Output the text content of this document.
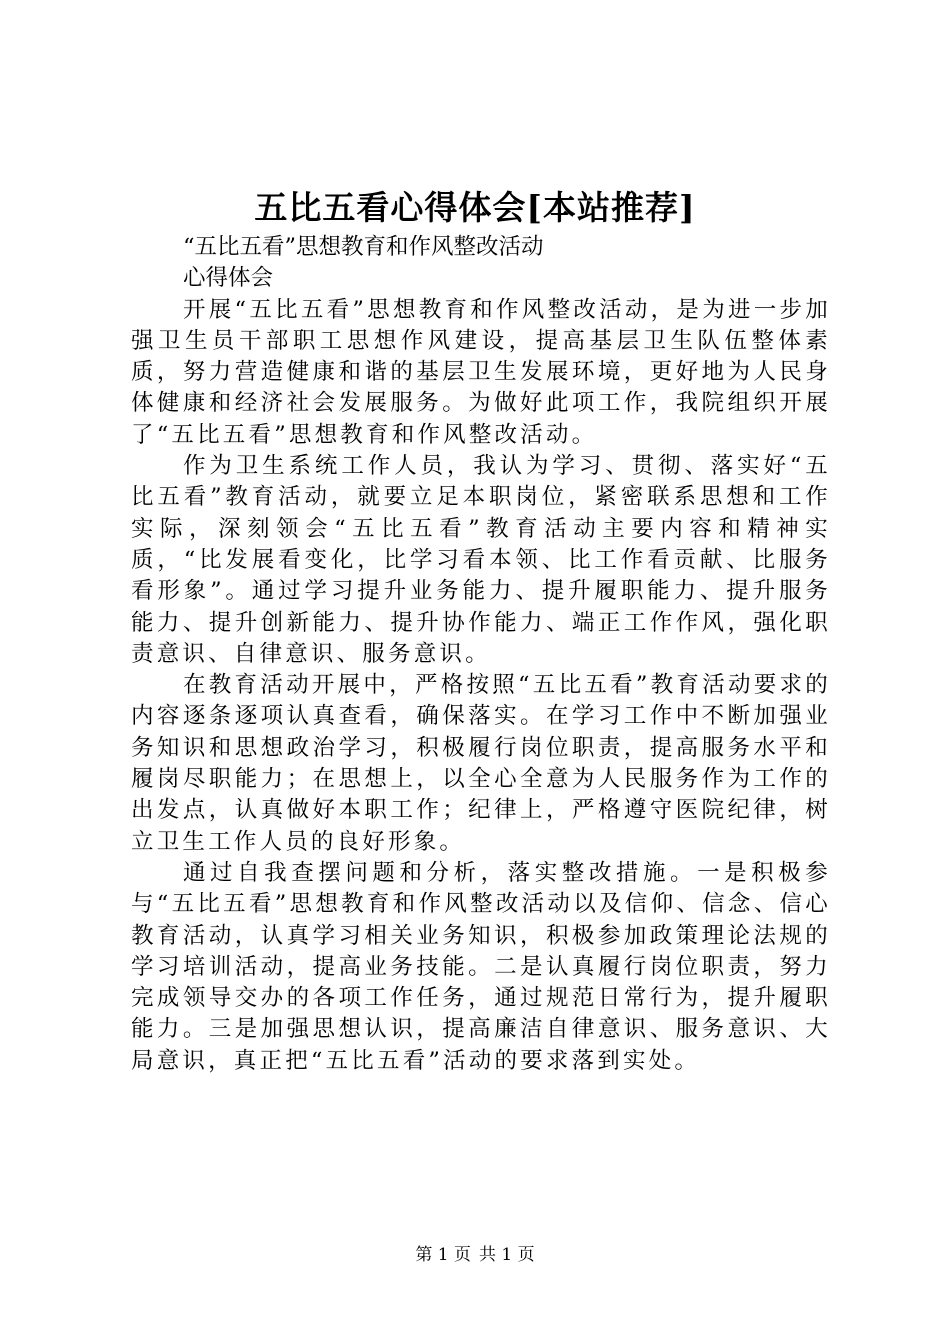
五比五看心得体会[本站推荐]

“五比五看”思想教育和作风整改活动

心得体会

开展“五比五看”思想教育和作风整改活动，是为进一步加强卫生员干部职工思想作风建设，提高基层卫生队伍整体素质，努力营造健康和谐的基层卫生发展环境，更好地为人民身体健康和经济社会发展服务。为做好此项工作，我院组织开展了“五比五看”思想教育和作风整改活动。

作为卫生系统工作人员，我认为学习、贯彻、落实好“五比五看”教育活动，就要立足本职岗位，紧密联系思想和工作实际，深刻领会“五比五看”教育活动主要内容和精神实质，“比发展看变化，比学习看本领、比工作看贡献、比服务看形象”。通过学习提升业务能力、提升履职能力、提升服务能力、提升创新能力、提升协作能力、端正工作作风，强化职责意识、自律意识、服务意识。

在教育活动开展中，严格按照“五比五看”教育活动要求的内容逐条逐项认真查看，确保落实。在学习工作中不断加强业务知识和思想政治学习，积极履行岗位职责，提高服务水平和履岗尽职能力；在思想上，以全心全意为人民服务作为工作的出发点，认真做好本职工作；纪律上，严格遵守医院纪律，树立卫生工作人员的良好形象。

通过自我查摆问题和分析，落实整改措施。一是积极参与“五比五看”思想教育和作风整改活动以及信仰、信念、信心教育活动，认真学习相关业务知识，积极参加政策理论法规的学习培训活动，提高业务技能。二是认真履行岗位职责，努力完成领导交办的各项工作任务，通过规范日常行为，提升履职能力。三是加强思想认识，提高廉洁自律意识、服务意识、大局意识，真正把“五比五看”活动的要求落到实处。

第 1 页 共 1 页
